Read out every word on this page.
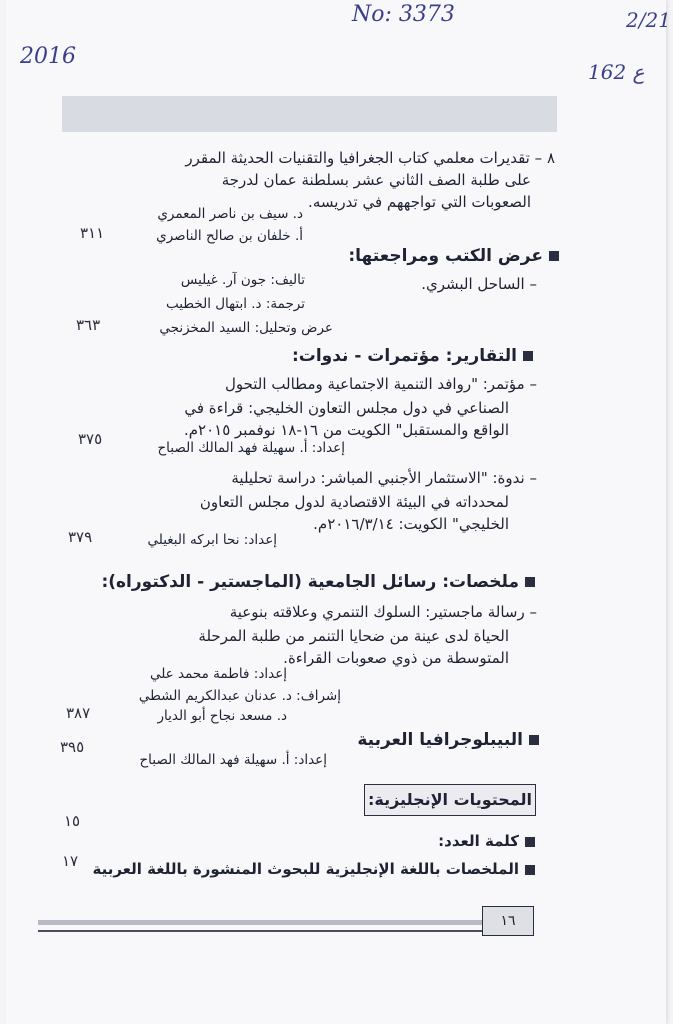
No: 3373
2016
2/21
ع 162
٨ – تقديرات معلمي كتاب الجغرافيا والتقنيات الحديثة المقرر
على طلبة الصف الثاني عشر بسلطنة عمان لدرجة
الصعوبات التي تواجههم في تدريسه.
د. سيف بن ناصر المعمري
أ. خلفان بن صالح الناصري
٣١١
عرض الكتب ومراجعتها:
– الساحل البشري.
تاليف: جون آر. غيليس
ترجمة: د. ابتهال الخطيب
عرض وتحليل: السيد المخزنجي
٣٦٣
التقارير: مؤتمرات - ندوات:
– مؤتمر: "روافد التنمية الاجتماعية ومطالب التحول
الصناعي في دول مجلس التعاون الخليجي: قراءة في
الواقع والمستقبل" الكويت من ١٦-١٨ نوفمبر ٢٠١٥م.
إعداد: أ. سهيلة فهد المالك الصباح
٣٧٥
– ندوة: "الاستثمار الأجنبي المباشر: دراسة تحليلية
لمحدداته في البيئة الاقتصادية لدول مجلس التعاون
الخليجي" الكويت: ٢٠١٦/٣/١٤م.
إعداد: نحا ابركه البغيلي
٣٧٩
ملخصات: رسائل الجامعية (الماجستير - الدكتوراه):
– رسالة ماجستير: السلوك التنمري وعلاقته بنوعية
الحياة لدى عينة من ضحايا التنمر من طلبة المرحلة
المتوسطة من ذوي صعوبات القراءة.
إعداد: فاطمة محمد علي
إشراف: د. عدنان عبدالكريم الشطي
د. مسعد نجاح أبو الديار
٣٨٧
البيبلوجرافيا العربية
إعداد: أ. سهيلة فهد المالك الصباح
٣٩٥
المحتويات الإنجليزية:
كلمة العدد:
١٥
الملخصات باللغة الإنجليزية للبحوث المنشورة باللغة العربية
١٧
١٦
